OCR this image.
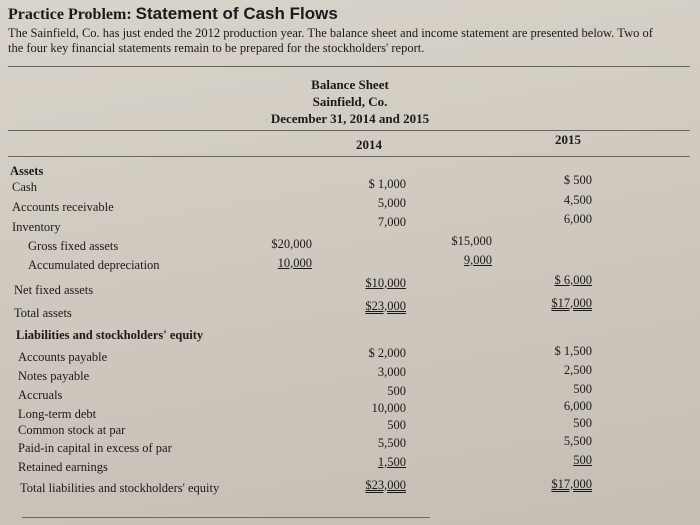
Practice Problem: Statement of Cash Flows
The Sainfield, Co. has just ended the 2012 production year. The balance sheet and income statement are presented below. Two of the four key financial statements remain to be prepared for the stockholders' report.
Balance Sheet
Sainfield, Co.
December 31, 2014 and 2015
2014	2015
Assets
Cash	$ 1,000	$ 500
Accounts receivable	5,000	4,500
Inventory	7,000	6,000
Gross fixed assets	$20,000	$15,000
Accumulated depreciation	10,000	9,000
Net fixed assets	$10,000	$ 6,000
Total assets	$23,000	$17,000
Liabilities and stockholders' equity
Accounts payable	$ 2,000	$ 1,500
Notes payable	3,000	2,500
Accruals	500	500
Long-term debt	10,000	6,000
Common stock at par	500	500
Paid-in capital in excess of par	5,500	5,500
Retained earnings	1,500	500
Total liabilities and stockholders' equity	$23,000	$17,000
